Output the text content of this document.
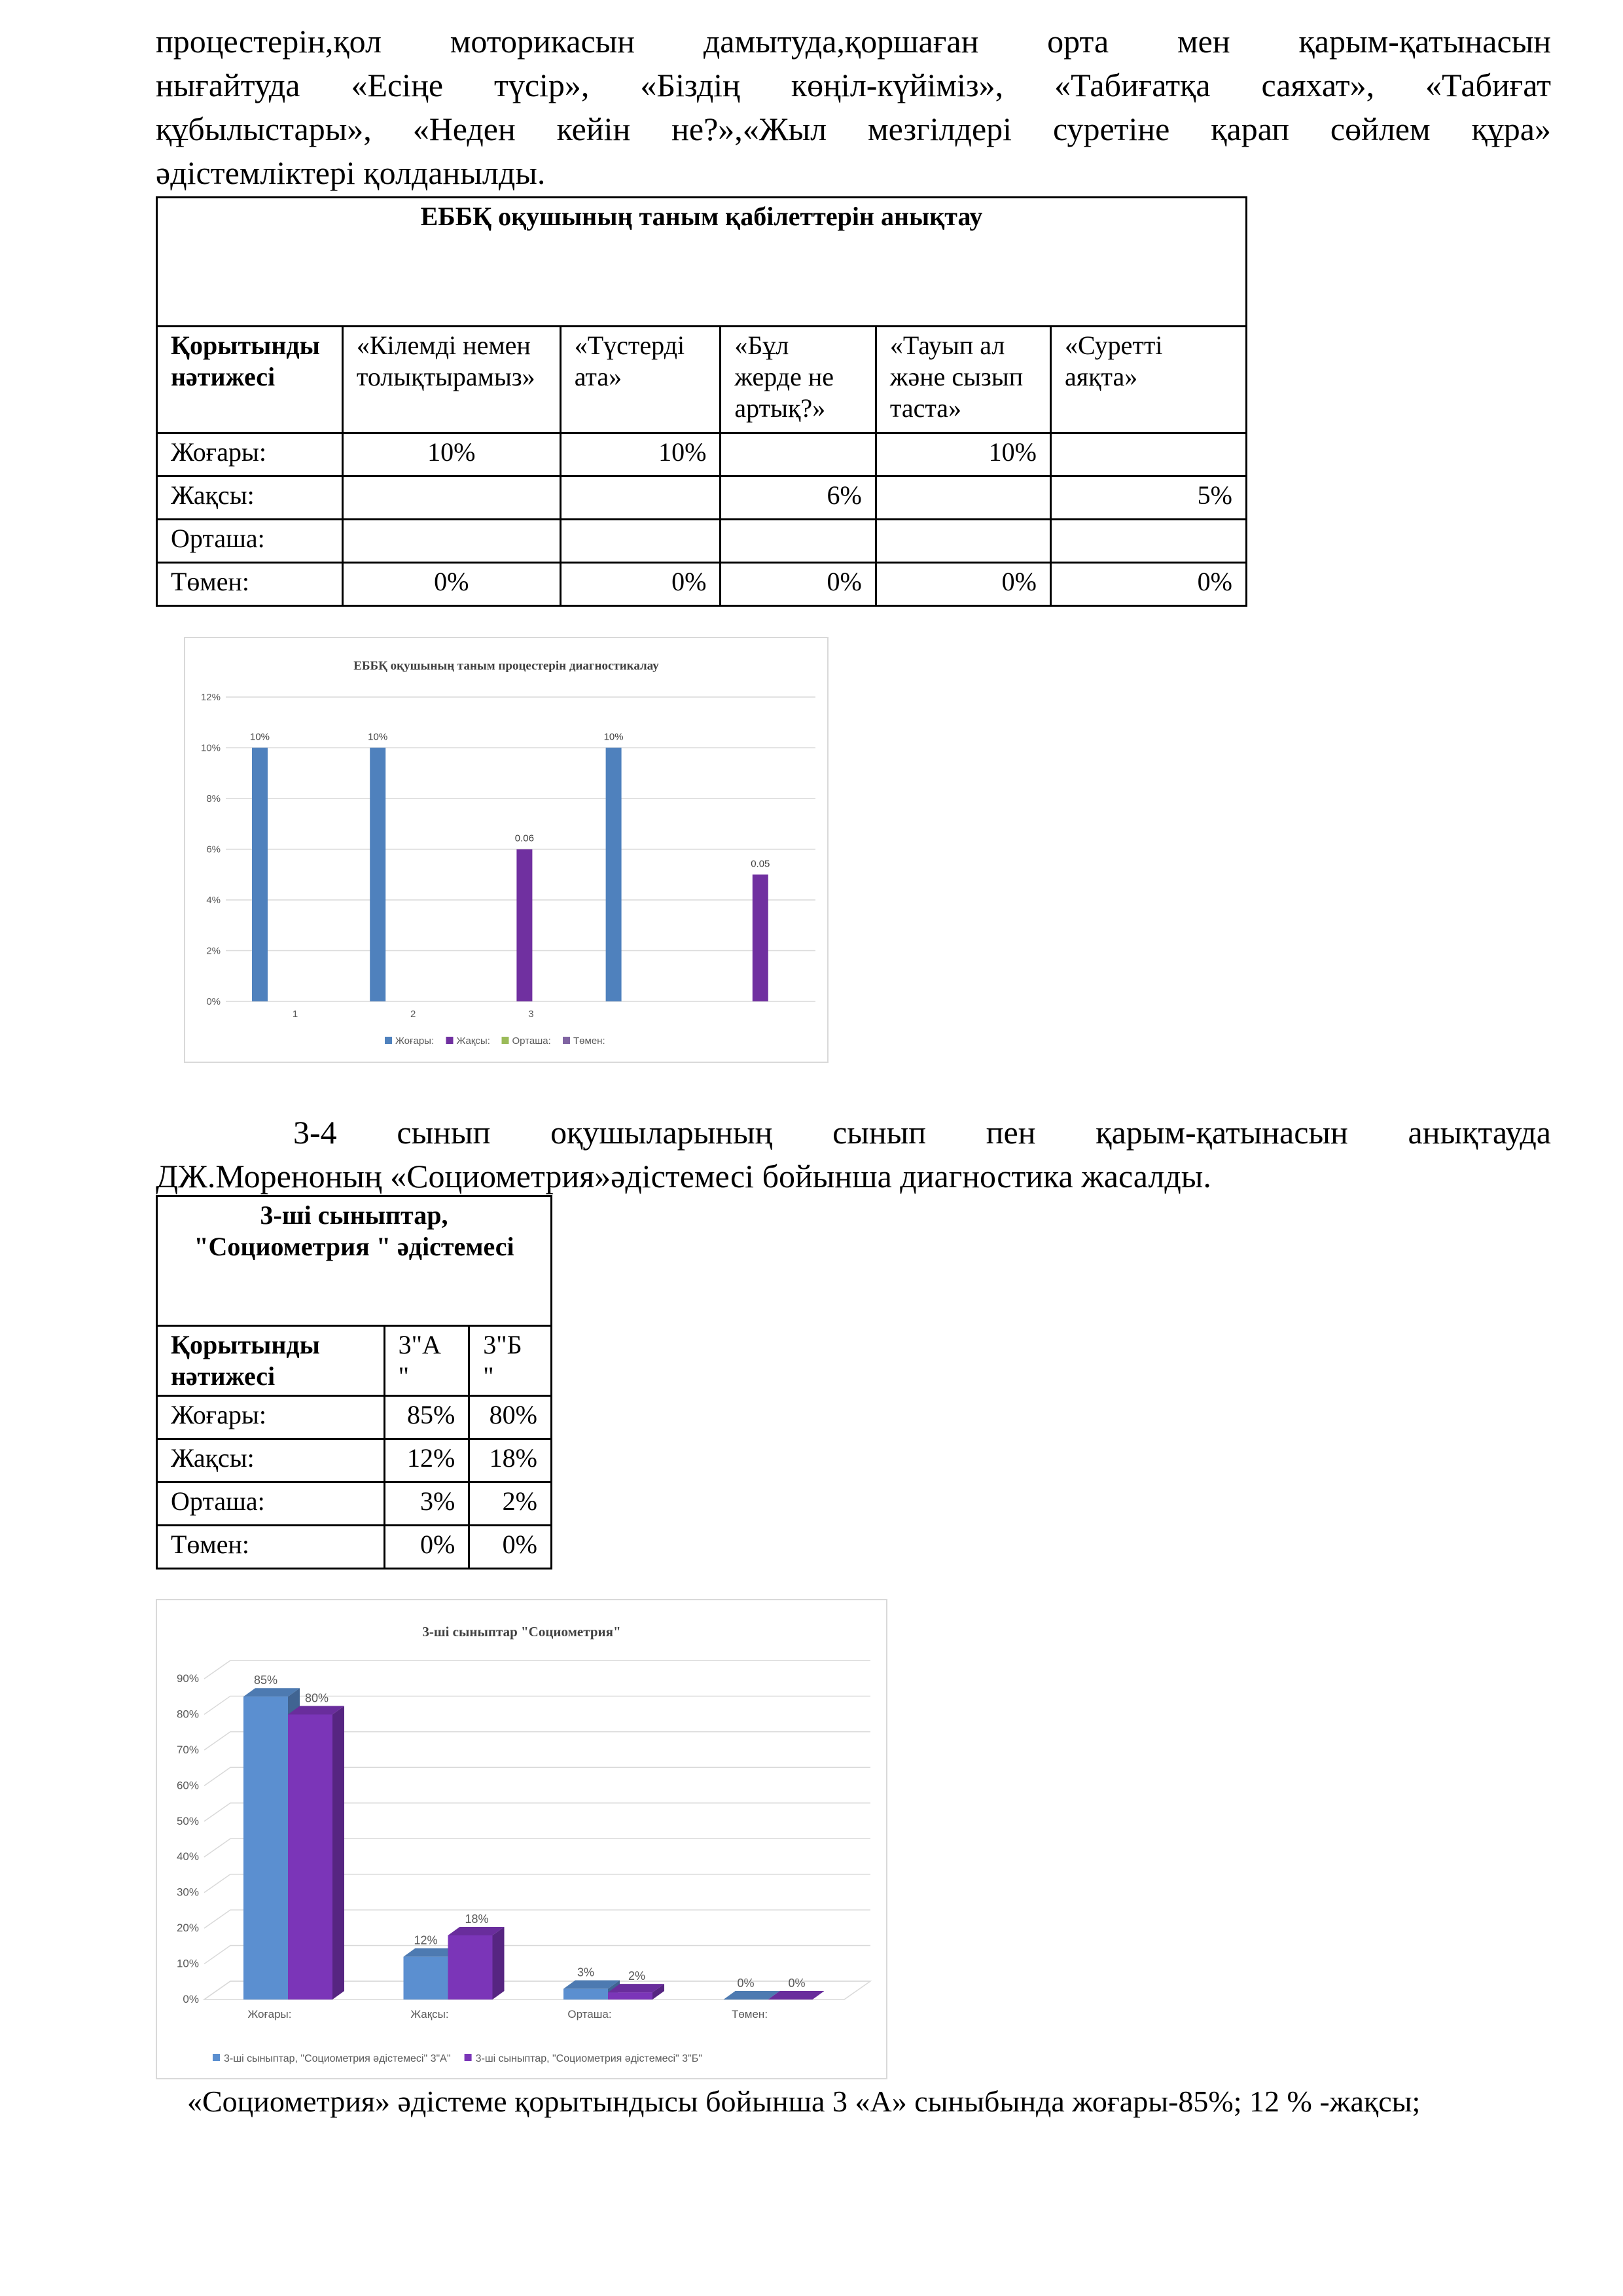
процестерін,қол моторикасын дамытуда,қоршаған орта мен қарым-қатынасын
нығайтуда «Есіңе түсір», «Біздің көңіл-күйіміз», «Табиғатқа саяхат», «Табиғат
құбылыстары», «Неден кейін не?»,«Жыл мезгілдері суретіне қарап сөйлем құра»
әдістемліктері қолданылды.
ЕББҚ оқушының таным қабілеттерін анықтау					
Қорытынды нәтижесі	«Кілемді немен толықтырамыз»	«Түстерді ата»	«Бұл жерде не артық?»	«Тауып ал және сызып таста»	«Суретті аяқта»
Жоғары:	10%	10%		10%	
Жақсы:			6%		5%
Орташа:					
Төмен:	0%	0%	0%	0%	0%
ЕББҚ оқушының таным процестерін диагностикалау
0%
2%
4%
6%
8%
10%
12%
1	2	3
10%	10%
0.06
10%
0.05
Жоғары: Жақсы: Орташа: Төмен:
3-4 сынып оқушыларының сынып пен қарым-қатынасын анықтауда
ДЖ.Мореноның «Социометрия»әдістемесі бойынша диагностика жасалды.
3-ші сыныптар,
"Социометрия " әдістемесі		
Қорытынды нәтижесі	3"А "	3"Б "
Жоғары:	85%	80%
Жақсы:	12%	18%
Орташа:	3%	2%
Төмен:	0%	0%
3-ші сыныптар "Социометрия"
0%
10%
20%
30%
40%
50%
60%
70%
80%
90%	85%
80%
Жоғары:
12%
18%
Жақсы:
3%	2%
Орташа:
0%	0%
Төмен:
3-ші сыныптар, "Социометрия әдістемесі" 3"А" 3-ші сыныптар, "Социометрия әдістемесі" 3"Б"
«Социометрия» әдістеме қорытындысы бойынша 3 «А» сыныбында жоғары-85%; 12 % -жақсы;
